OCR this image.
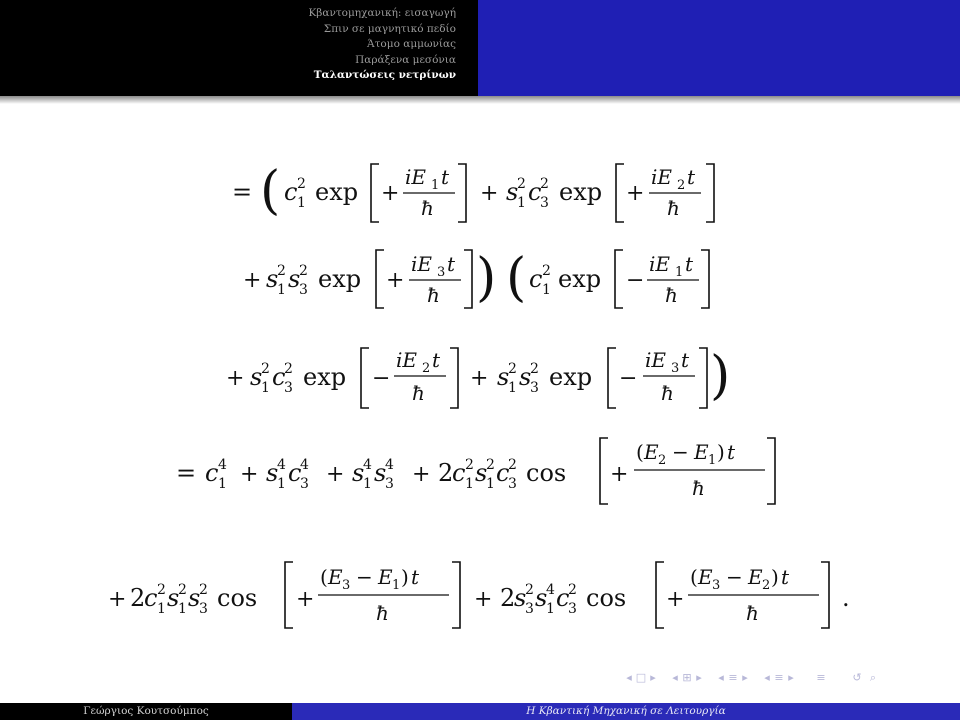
Κβαντομηχανική: εισαγωγή
Σπιν σε μαγνητικό πεδίο
Άτομο αμμωνίας
Παράξενα μεσόνια
Ταλαντώσεις νετρίνων
= ( c 2
1 exp +
iE 1 t
ħ
+ s
2
1 c
2
3 exp +
iE 2 t
ħ
+ s
2
1 s
2
3 exp +
iE 3 t
ħ ) ( c 2
1 exp −
iE 1 t
ħ
+ s
2
1 c
2
3 exp −
iE 2 t
ħ
+ s
2
1 s
2
3 exp −
iE 3 t
ħ )
= c 4
1 + s
4
1 c
4
3 + s
4
1 s
4
3 + 2
c 2
1 s
2
1 c
2
3 cos +
( E 2 − E 1 ) t
ħ
+ 2
c 2
1 s
2
1 s
2
3 cos +
( E 3 − E 1 ) t
ħ
+ 2
s
2
3 s
4
1 c
2
3 cos +
( E 3 − E 2 ) t
ħ
.
◂ □ ▸	◂ ⊞ ▸	◂ ≡ ▸	◂ ≡ ▸	≡ ↺ ⌕
Γεώργιος Κουτσούμπος	Η Κβαντική Μηχανική σε Λειτουργία
